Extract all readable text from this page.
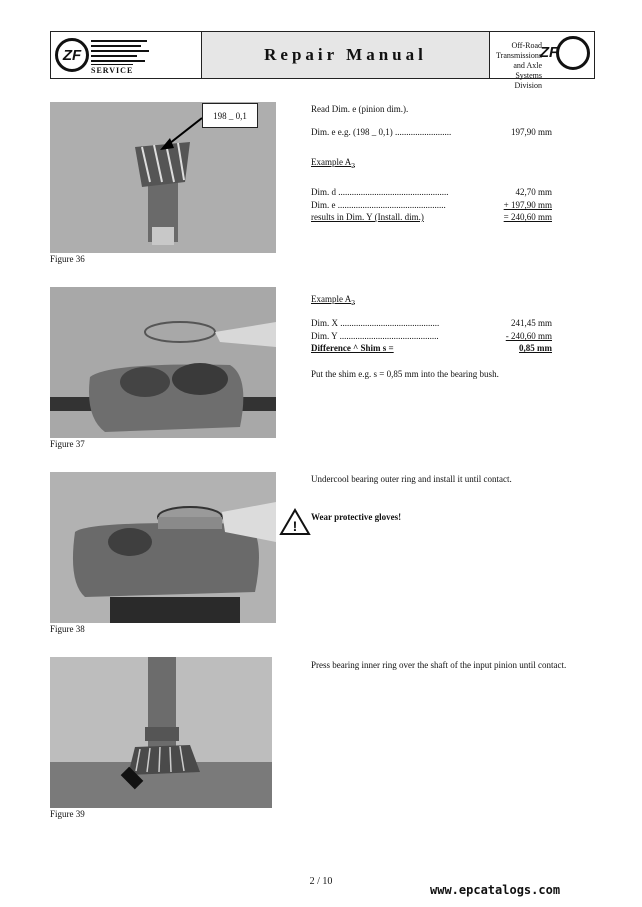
ZF
SERVICE
Repair Manual	Off-Road Transmissions
and Axle Systems
Division
ZF
198 _ 0,1
Figure 36
Read Dim. e (pinion dim.).
Dim. e e.g. (198 _ 0,1) .........................	197,90 mm
Example $A_2$
Dim. d .................................................	42,70 mm
Dim. e ................................................	+ 197,90 mm
results in Dim. Y (Install. dim.)	= 240,60 mm
Figure 37
Example $A_2$
Dim. X ............................................	241,45 mm
Dim. Y ............................................	- 240,60 mm
Difference ^ Shim s =	0,85 mm
Put the shim e.g. s = 0,85 mm into the bearing bush.
Figure 38
Undercool bearing outer ring and install it until contact.
!
Wear protective gloves!
Figure 39
Press bearing inner ring over the shaft of the input pinion until contact.
2 / 10
www.epcatalogs.com
